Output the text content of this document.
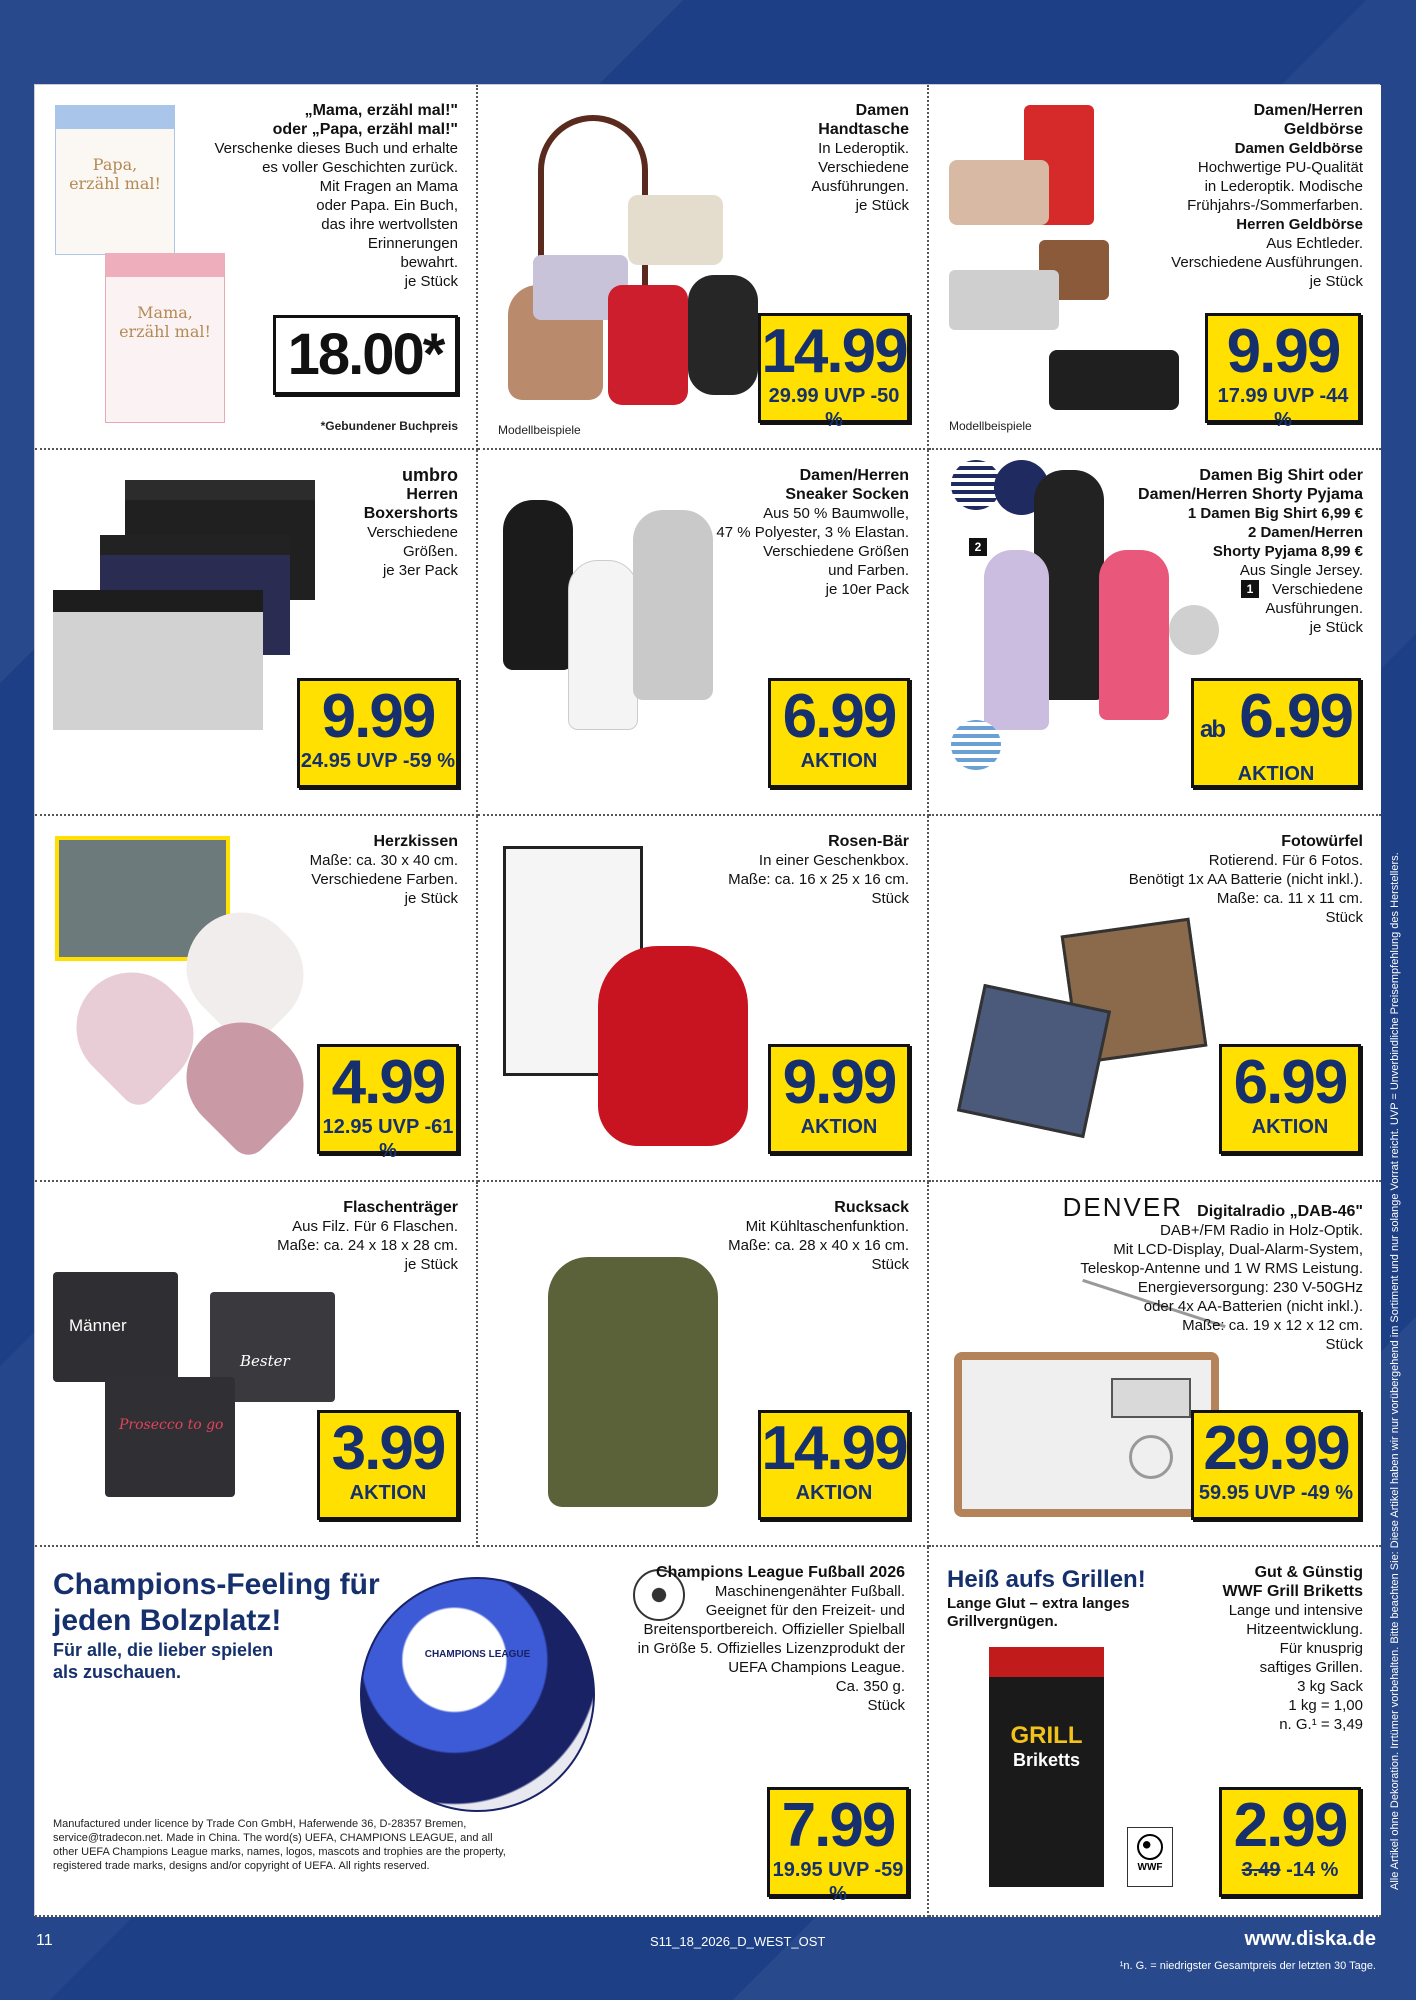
Papa, erzähl mal!
Mama, erzähl mal!
„Mama, erzähl mal!"
oder „Papa, erzähl mal!"
Verschenke dieses Buch und erhalte
es voller Geschichten zurück.
Mit Fragen an Mama
oder Papa. Ein Buch,
das ihre wertvollsten
Erinnerungen
bewahrt.
je Stück
18.00*
*Gebundener Buchpreis
Damen
Handtasche
In Lederoptik.
Verschiedene
Ausführungen.
je Stück
14.99
29.99 UVP -50 %
Modellbeispiele
Damen/Herren
Geldbörse
Damen Geldbörse
Hochwertige PU-Qualität
in Lederoptik. Modische
Frühjahrs-/Sommerfarben.
Herren Geldbörse
Aus Echtleder.
Verschiedene Ausführungen.
je Stück
9.99
17.99 UVP -44 %
Modellbeispiele
umbro
Herren
Boxershorts
Verschiedene
Größen.
je 3er Pack
9.99
24.95 UVP -59 %
Damen/Herren
Sneaker Socken
Aus 50 % Baumwolle,
47 % Polyester, 3 % Elastan.
Verschiedene Größen
und Farben.
je 10er Pack
6.99
AKTION
2
1
Damen Big Shirt oder
Damen/Herren Shorty Pyjama
1 Damen Big Shirt 6,99 €
2 Damen/Herren
Shorty Pyjama 8,99 €
Aus Single Jersey.
Verschiedene
Ausführungen.
je Stück
ab 6.99
AKTION
Herzkissen
Maße: ca. 30 x 40 cm.
Verschiedene Farben.
je Stück
4.99
12.95 UVP -61 %
Rosen-Bär
In einer Geschenkbox.
Maße: ca. 16 x 25 x 16 cm.
Stück
9.99
AKTION
Fotowürfel
Rotierend. Für 6 Fotos.
Benötigt 1x AA Batterie (nicht inkl.).
Maße: ca. 11 x 11 cm.
Stück
6.99
AKTION
Männer
Bester
Prosecco to go
Flaschenträger
Aus Filz. Für 6 Flaschen.
Maße: ca. 24 x 18 x 28 cm.
je Stück
3.99
AKTION
Rucksack
Mit Kühltaschenfunktion.
Maße: ca. 28 x 40 x 16 cm.
Stück
14.99
AKTION
DENVER Digitalradio „DAB-46"
DAB+/FM Radio in Holz-Optik.
Mit LCD-Display, Dual-Alarm-System,
Teleskop-Antenne und 1 W RMS Leistung.
Energieversorgung: 230 V-50GHz
oder 4x AA-Batterien (nicht inkl.).
Maße: ca. 19 x 12 x 12 cm.
Stück
29.99
59.95 UVP -49 %
Champions-Feeling für
jeden Bolzplatz!
Für alle, die lieber spielen
als zuschauen.
CHAMPIONS LEAGUE
Champions League Fußball 2026
Maschinengenähter Fußball.
Geeignet für den Freizeit- und
Breitensportbereich. Offizieller Spielball
in Größe 5. Offizielles Lizenzprodukt der
UEFA Champions League.
Ca. 350 g.
Stück
Manufactured under licence by Trade Con GmbH, Haferwende 36, D-28357 Bremen,
service@tradecon.net. Made in China. The word(s) UEFA, CHAMPIONS LEAGUE, and all
other UEFA Champions League marks, names, logos, mascots and trophies are the property,
registered trade marks, designs and/or copyright of UEFA. All rights reserved.
7.99
19.95 UVP -59 %
Heiß aufs Grillen!
Lange Glut – extra langes
Grillvergnügen.
GRILL
Briketts
WWF
Gut & Günstig
WWF Grill Briketts
Lange und intensive
Hitzeentwicklung.
Für knusprig
saftiges Grillen.
3 kg Sack
1 kg = 1,00
n. G.¹ = 3,49
2.99
3.49 -14 %	Alle Artikel ohne Dekoration. Irrtümer vorbehalten. Bitte beachten Sie: Diese Artikel haben wir nur vorübergehend im Sortiment und nur solange Vorrat reicht. UVP = Unverbindliche Preisempfehlung des Herstellers.
11	S11_18_2026_D_WEST_OST	www.diska.de
¹n. G. = niedrigster Gesamtpreis der letzten 30 Tage.
